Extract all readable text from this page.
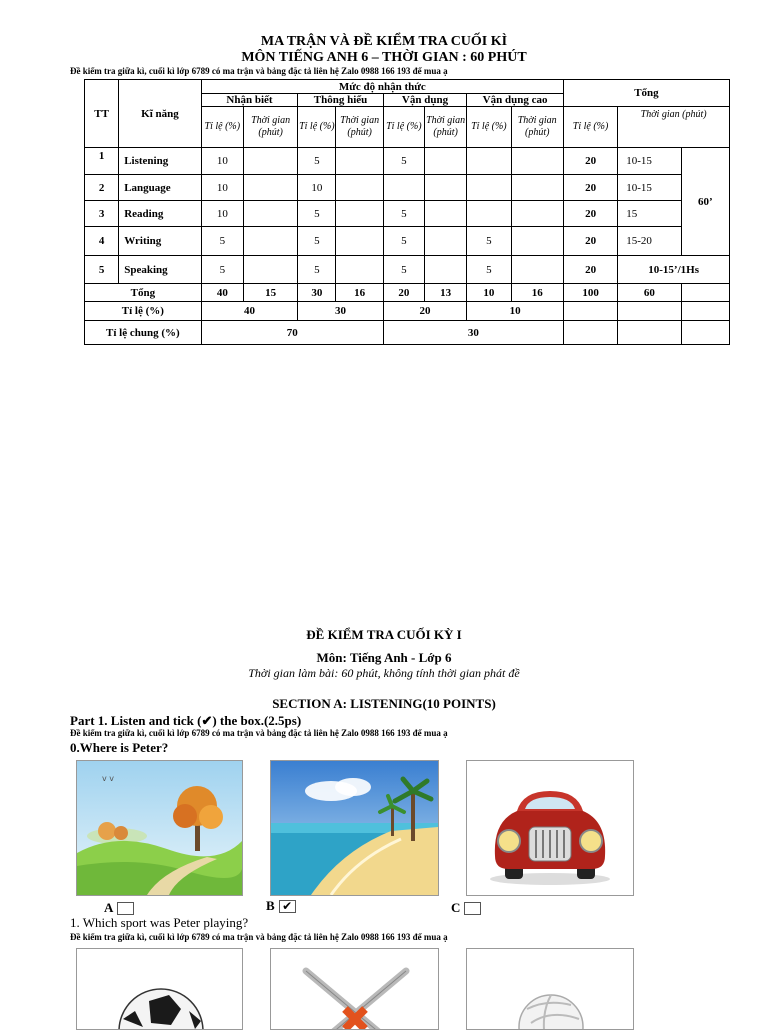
MA TRẬN VÀ ĐỀ KIỂM TRA CUỐI KÌ
MÔN TIẾNG ANH 6 – THỜI GIAN : 60 PHÚT
Đề kiểm tra giữa kì, cuối kì lớp 6789 có ma trận và bảng đặc tả liên hệ Zalo 0988 166 193 để mua ạ
TT	Kĩ năng	Mức độ nhận thức								Tổng		
		Nhận biết		Thông hiểu		Vận dụng		Vận dụng cao				
		Tỉ lệ (%)	Thời gian (phút)	Tỉ lệ (%)	Thời gian (phút)	Tỉ lệ (%)	Thời gian (phút)	Tỉ lệ (%)	Thời gian (phút)	Tỉ lệ (%)	Thời gian (phút)	
1	Listening	10		5		5				20	10-15	60’
2	Language	10		10						20	10-15	
3	Reading	10		5		5				20	15	
4	Writing	5		5		5		5		20	15-20	
5	Speaking	5		5		5		5		20	10-15’/1Hs	
Tổng		40	15	30	16	20	13	10	16	100	60	
Tỉ lệ (%)		40		30		20		10				
Tỉ lệ chung (%)		70				30						
ĐỀ KIỂM TRA CUỐI KỲ I
Môn: Tiếng Anh - Lớp 6
Thời gian làm bài: 60 phút, không tính thời gian phát đề
SECTION A: LISTENING(10 POINTS)
Part 1. Listen and tick (✔) the box.(2.5ps)
Đề kiểm tra giữa kì, cuối kì lớp 6789 có ma trận và bảng đặc tả liên hệ Zalo 0988 166 193 để mua ạ
0.Where is Peter?
v v
A	B ✔	C
1. Which sport was Peter playing?
Đề kiểm tra giữa kì, cuối kì lớp 6789 có ma trận và bảng đặc tả liên hệ Zalo 0988 166 193 để mua ạ
